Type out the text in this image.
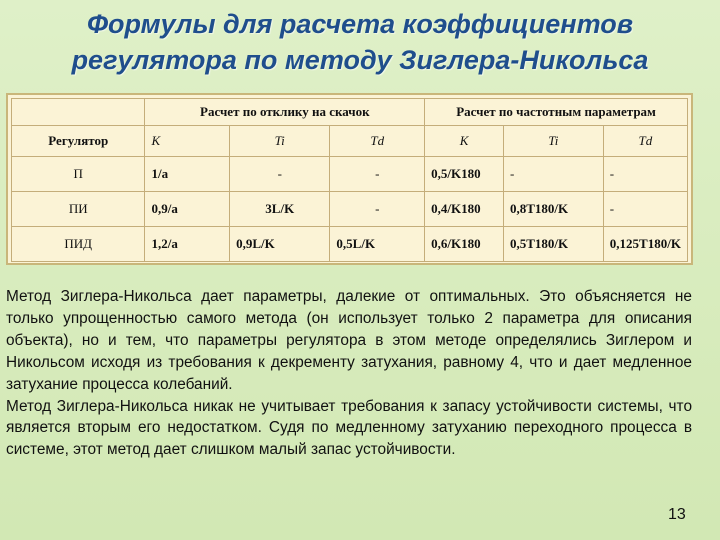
Формулы для расчета коэффициентов
регулятора по методу Зиглера-Никольса
	Расчет по отклику на скачок			Расчет по частотным параметрам		
Регулятор	K	Ti	Td	K	Ti	Td
П	1/a	-	-	0,5/K180	-	-
ПИ	0,9/a	3L/K	-	0,4/K180	0,8T180/K	-
ПИД	1,2/a	0,9L/K	0,5L/K	0,6/K180	0,5T180/K	0,125T180/K

Метод Зиглера-Никольса дает параметры, далекие от оптимальных. Это объясняется не только упрощенностью самого метода (он использует только 2 параметра для описания объекта), но и тем, что параметры регулятора в этом методе определялись Зиглером и Никольсом исходя из требования к декременту затухания, равному 4, что и дает медленное затухание процесса колебаний.

Метод Зиглера-Никольса никак не учитывает требования к запасу устойчивости системы, что является вторым его недостатком. Судя по медленному затуханию переходного процесса в системе, этот метод дает слишком малый запас устойчивости.

13
